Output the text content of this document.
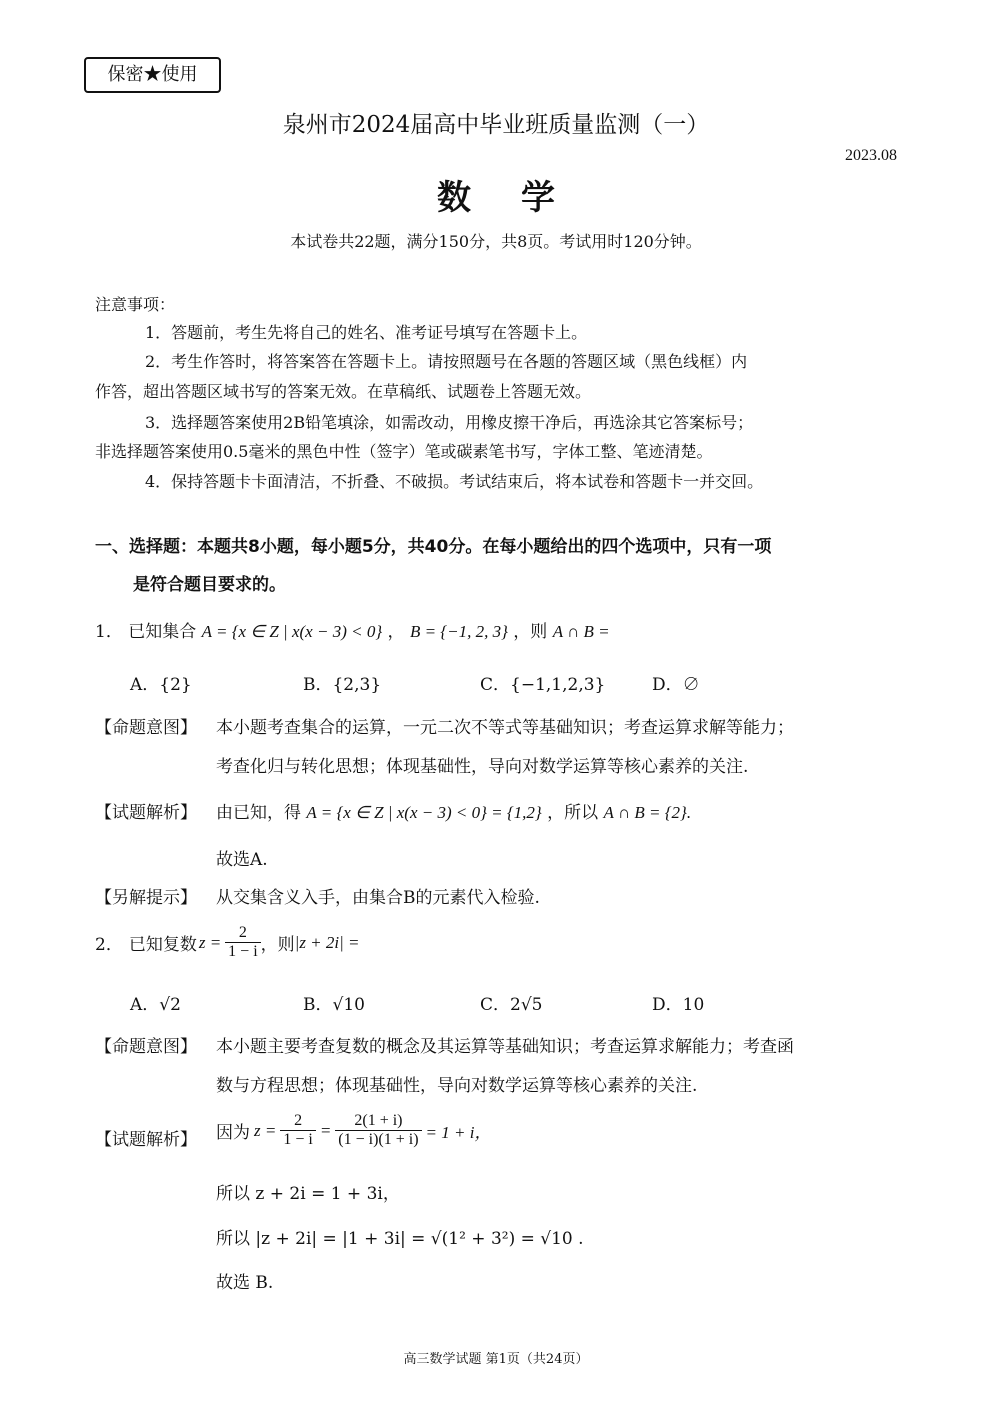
保密★使用
泉州市2024届高中毕业班质量监测（一）
2023.08
数学
本试卷共22题，满分150分，共8页。考试用时120分钟。
注意事项：
1．答题前，考生先将自己的姓名、准考证号填写在答题卡上。
2．考生作答时，将答案答在答题卡上。请按照题号在各题的答题区域（黑色线框）内
作答，超出答题区域书写的答案无效。在草稿纸、试题卷上答题无效。
3．选择题答案使用2B铅笔填涂，如需改动，用橡皮擦干净后，再选涂其它答案标号；
非选择题答案使用0.5毫米的黑色中性（签字）笔或碳素笔书写，字体工整、笔迹清楚。
4．保持答题卡卡面清洁，不折叠、不破损。考试结束后，将本试卷和答题卡一并交回。
一、选择题：本题共8小题，每小题5分，共40分。在每小题给出的四个选项中，只有一项
是符合题目要求的。
1． 已知集合 A = {x ∈ Z | x(x − 3) < 0} ， B = {−1, 2, 3} ，则 A ∩ B =
A．{2}	B．{2,3}	C．{−1,1,2,3}	D．∅
【命题意图】 本小题考查集合的运算，一元二次不等式等基础知识；考查运算求解等能力；
考查化归与转化思想；体现基础性，导向对数学运算等核心素养的关注.
【试题解析】 由已知，得 A = {x ∈ Z | x(x − 3) < 0} = {1,2} ，所以 A ∩ B = {2}.
故选A.
【另解提示】 从交集含义入手，由集合B的元素代入检验.
2． 已知复数 $z = \frac{2}{1 - i}$ ，则 |z + 2i| =
A．√2	B．√10	C．2√5	D．10
【命题意图】 本小题主要考查复数的概念及其运算等基础知识；考查运算求解能力；考查函
数与方程思想；体现基础性，导向对数学运算等核心素养的关注.
【试题解析】 因为 $z = \frac{2}{1 - i} = \frac{2(1 + i)}{(1 - i)(1 + i)} = 1 + i$，
所以 z + 2i = 1 + 3i，
所以 |z + 2i| = |1 + 3i| = √(1² + 3²) = √10 .
故选 B.
高三数学试题 第1页（共24页）
